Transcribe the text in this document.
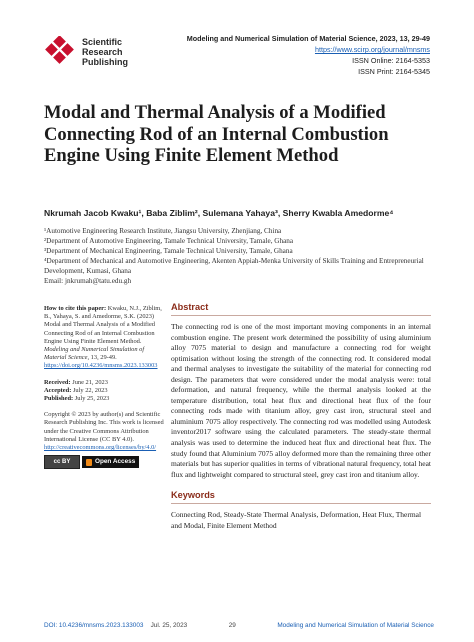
Scientific
Research
Publishing
Modeling and Numerical Simulation of Material Science, 2023, 13, 29-49
https://www.scirp.org/journal/mnsms
ISSN Online: 2164-5353
ISSN Print: 2164-5345
Modal and Thermal Analysis of a Modified Connecting Rod of an Internal Combustion Engine Using Finite Element Method
Nkrumah Jacob Kwaku¹, Baba Ziblim², Sulemana Yahaya³, Sherry Kwabla Amedorme⁴
¹Automotive Engineering Research Institute, Jiangsu University, Zhenjiang, China
²Department of Automotive Engineering, Tamale Technical University, Tamale, Ghana
³Department of Mechanical Engineering, Tamale Technical University, Tamale, Ghana
⁴Department of Mechanical and Automotive Engineering, Akenten Appiah-Menka University of Skills Training and Entrepreneurial Development, Kumasi, Ghana
Email: jnkrumah@tatu.edu.gh
How to cite this paper: Kwaku, N.J., Ziblim, B., Yahaya, S. and Amedorme, S.K. (2023) Modal and Thermal Analysis of a Modified Connecting Rod of an Internal Combustion Engine Using Finite Element Method. Modeling and Numerical Simulation of Material Science, 13, 29-49. https://doi.org/10.4236/mnsms.2023.133003
Received: June 21, 2023
Accepted: July 22, 2023
Published: July 25, 2023
Copyright © 2023 by author(s) and Scientific Research Publishing Inc. This work is licensed under the Creative Commons Attribution International License (CC BY 4.0).
http://creativecommons.org/licenses/by/4.0/
cc BY	Open Access
Abstract
The connecting rod is one of the most important moving components in an internal combustion engine. The present work determined the possibility of using aluminium alloy 7075 material to design and manufacture a connecting rod for weight optimisation without losing the strength of the connecting rod. It considered modal and thermal analyses to investigate the suitability of the material for connecting rod design. The parameters that were considered under the modal analysis were: total deformation, and natural frequency, while the thermal analysis looked at the temperature distribution, total heat flux and directional heat flux of the four connecting rods made with titanium alloy, grey cast iron, structural steel and aluminium 7075 alloy respectively. The connecting rod was modelled using Autodesk inventor2017 software using the calculated parameters. The steady-state thermal analysis was used to determine the induced heat flux and directional heat flux. The study found that Aluminium 7075 alloy deformed more than the remaining three other materials but has superior qualities in terms of vibrational natural frequency, total heat flux and lightweight compared to structural steel, grey cast iron and titanium alloy.
Keywords
Connecting Rod, Steady-State Thermal Analysis, Deformation, Heat Flux, Thermal and Modal, Finite Element Method
DOI: 10.4236/mnsms.2023.133003 Jul. 25, 2023	29	Modeling and Numerical Simulation of Material Science
